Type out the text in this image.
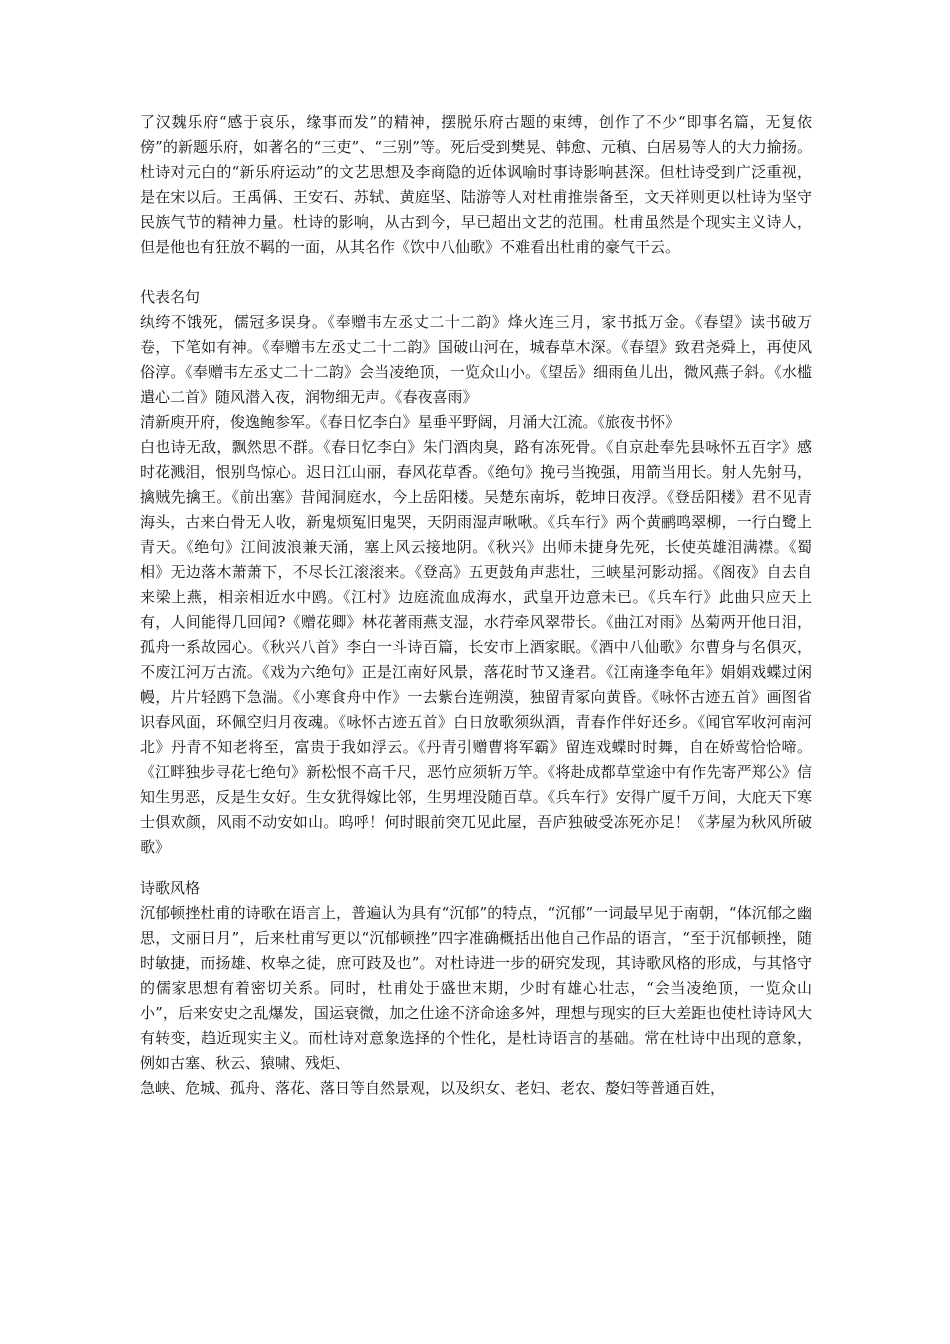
了汉魏乐府“感于哀乐，缘事而发”的精神，摆脱乐府古题的束缚，创作了不少“即事名篇，无复依傍”的新题乐府，如著名的“三吏”、“三别”等。死后受到樊晃、韩愈、元稹、白居易等人的大力揄扬。杜诗对元白的“新乐府运动”的文艺思想及李商隐的近体讽喻时事诗影响甚深。但杜诗受到广泛重视，是在宋以后。王禹偁、王安石、苏轼、黄庭坚、陆游等人对杜甫推崇备至，文天祥则更以杜诗为坚守民族气节的精神力量。杜诗的影响，从古到今，早已超出文艺的范围。杜甫虽然是个现实主义诗人，但是他也有狂放不羁的一面，从其名作《饮中八仙歌》不难看出杜甫的豪气干云。

代表名句

纨绔不饿死，儒冠多误身。《奉赠韦左丞丈二十二韵》烽火连三月，家书抵万金。《春望》读书破万卷，下笔如有神。《奉赠韦左丞丈二十二韵》国破山河在，城春草木深。《春望》致君尧舜上，再使风俗淳。《奉赠韦左丞丈二十二韵》会当凌绝顶，一览众山小。《望岳》细雨鱼儿出，微风燕子斜。《水槛遣心二首》随风潜入夜，润物细无声。《春夜喜雨》

清新庾开府，俊逸鲍参军。《春日忆李白》星垂平野阔，月涌大江流。《旅夜书怀》

白也诗无敌，飘然思不群。《春日忆李白》朱门酒肉臭，路有冻死骨。《自京赴奉先县咏怀五百字》感时花溅泪，恨别鸟惊心。迟日江山丽，春风花草香。《绝句》挽弓当挽强，用箭当用长。射人先射马，擒贼先擒王。《前出塞》昔闻洞庭水，今上岳阳楼。吴楚东南坼，乾坤日夜浮。《登岳阳楼》君不见青海头，古来白骨无人收，新鬼烦冤旧鬼哭，天阴雨湿声啾啾。《兵车行》两个黄鹂鸣翠柳，一行白鹭上青天。《绝句》江间波浪兼天涌，塞上风云接地阴。《秋兴》出师未捷身先死，长使英雄泪满襟。《蜀相》无边落木萧萧下，不尽长江滚滚来。《登高》五更鼓角声悲壮，三峡星河影动摇。《阁夜》自去自来梁上燕，相亲相近水中鸥。《江村》边庭流血成海水，武皇开边意未已。《兵车行》此曲只应天上有，人间能得几回闻?《赠花卿》林花著雨燕支湿，水荇牵风翠带长。《曲江对雨》丛菊两开他日泪，孤舟一系故园心。《秋兴八首》李白一斗诗百篇，长安市上酒家眠。《酒中八仙歌》尔曹身与名俱灭，不废江河万古流。《戏为六绝句》正是江南好风景，落花时节又逢君。《江南逢李龟年》娟娟戏蝶过闲幔，片片轻鸥下急湍。《小寒食舟中作》一去紫台连朔漠，独留青冢向黄昏。《咏怀古迹五首》画图省识春风面，环佩空归月夜魂。《咏怀古迹五首》白日放歌须纵酒，青春作伴好还乡。《闻官军收河南河北》丹青不知老将至，富贵于我如浮云。《丹青引赠曹将军霸》留连戏蝶时时舞，自在娇莺恰恰啼。《江畔独步寻花七绝句》新松恨不高千尺，恶竹应须斩万竿。《将赴成都草堂途中有作先寄严郑公》信知生男恶，反是生女好。生女犹得嫁比邻，生男埋没随百草。《兵车行》安得广厦千万间，大庇天下寒士俱欢颜，风雨不动安如山。呜呼！何时眼前突兀见此屋，吾庐独破受冻死亦足！《茅屋为秋风所破歌》

诗歌风格

沉郁顿挫杜甫的诗歌在语言上，普遍认为具有“沉郁”的特点，“沉郁”一词最早见于南朝，“体沉郁之幽思，文丽日月”，后来杜甫写更以“沉郁顿挫”四字准确概括出他自己作品的语言，“至于沉郁顿挫，随时敏捷，而扬雄、枚皋之徒，庶可跂及也”。对杜诗进一步的研究发现，其诗歌风格的形成，与其恪守的儒家思想有着密切关系。同时，杜甫处于盛世末期，少时有雄心壮志，“会当凌绝顶，一览众山小”，后来安史之乱爆发，国运衰微，加之仕途不济命途多舛，理想与现实的巨大差距也使杜诗诗风大有转变，趋近现实主义。而杜诗对意象选择的个性化，是杜诗语言的基础。常在杜诗中出现的意象，例如古塞、秋云、猿啸、残炬、

急峡、危城、孤舟、落花、落日等自然景观，以及织女、老妇、老农、嫠妇等普通百姓，
